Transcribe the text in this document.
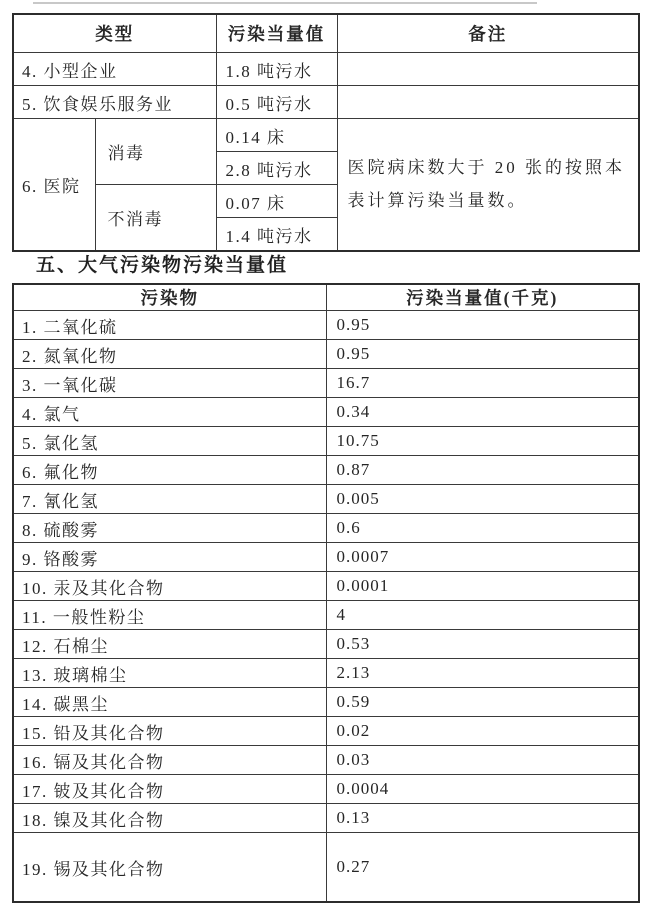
类型		污染当量值	备注
4. 小型企业		1.8 吨污水	
5. 饮食娱乐服务业		0.5 吨污水	
6. 医院	消毒	0.14 床	医院病床数大于 20 张的按照本表计算污染当量数。
		2.8 吨污水	
	不消毒	0.07 床	
		1.4 吨污水	
五、大气污染物污染当量值
污染物	污染当量值(千克)
1. 二氧化硫	0.95
2. 氮氧化物	0.95
3. 一氧化碳	16.7
4. 氯气	0.34
5. 氯化氢	10.75
6. 氟化物	0.87
7. 氰化氢	0.005
8. 硫酸雾	0.6
9. 铬酸雾	0.0007
10. 汞及其化合物	0.0001
11. 一般性粉尘	4
12. 石棉尘	0.53
13. 玻璃棉尘	2.13
14. 碳黑尘	0.59
15. 铅及其化合物	0.02
16. 镉及其化合物	0.03
17. 铍及其化合物	0.0004
18. 镍及其化合物	0.13
19. 锡及其化合物	0.27
